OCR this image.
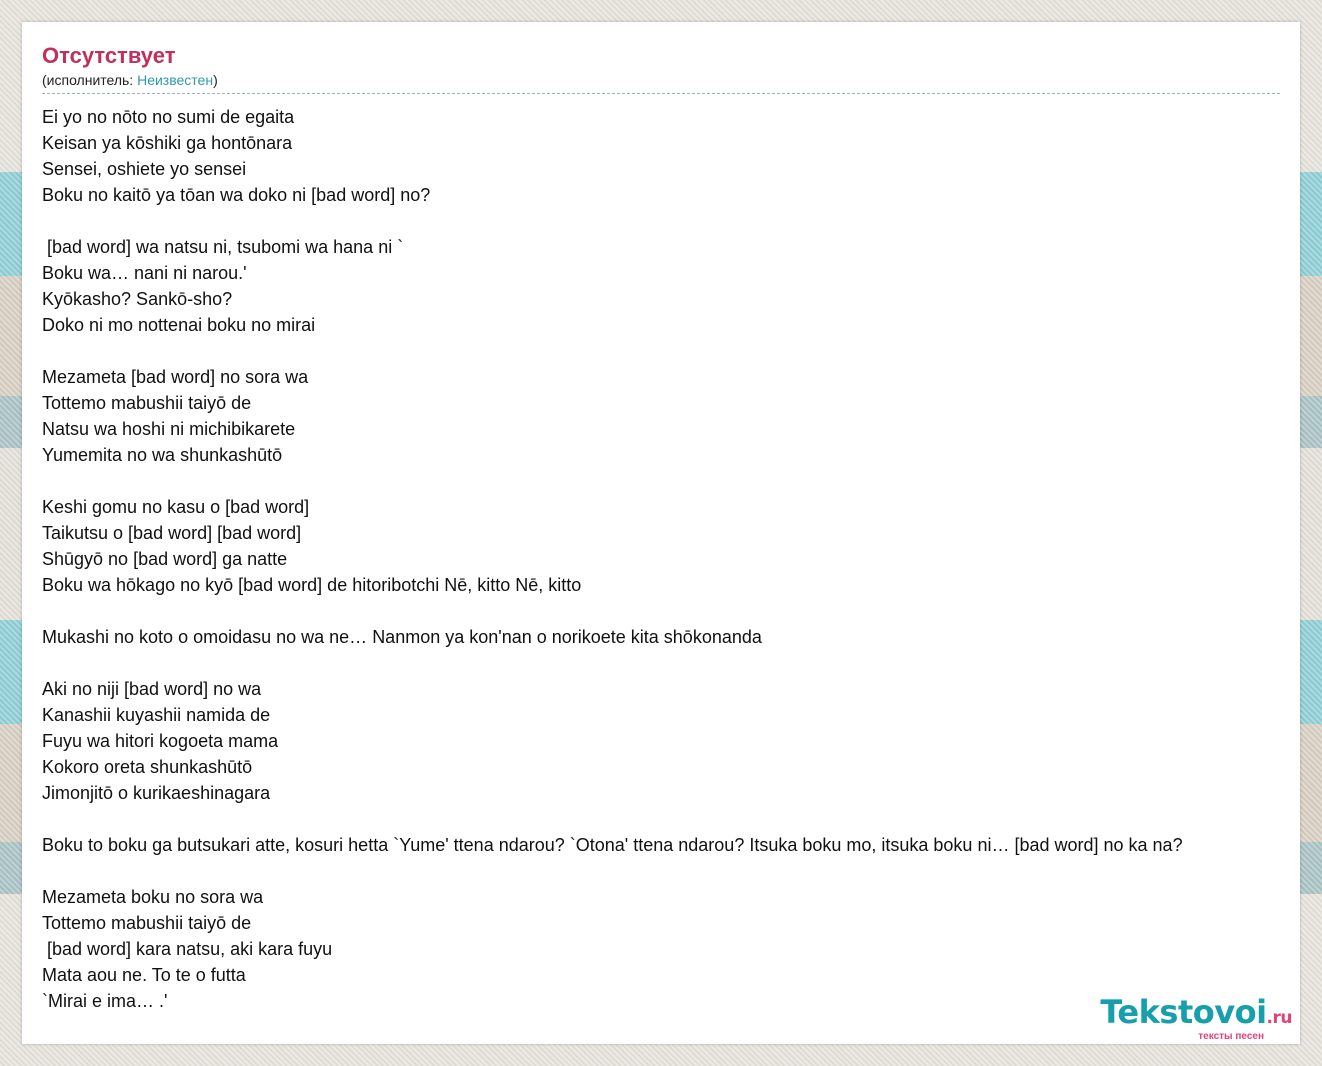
Отсутствует
(исполнитель: Неизвестен)
Ei yo no nōto no sumi de egaita
Keisan ya kōshiki ga hontōnara
Sensei, oshiete yo sensei
Boku no kaitō ya tōan wa doko ni [bad word] no?
[bad word] wa natsu ni, tsubomi wa hana ni `
Boku wa… nani ni narou.'
Kyōkasho? Sankō-sho?
Doko ni mo nottenai boku no mirai
Mezameta [bad word] no sora wa
Tottemo mabushii taiyō de
Natsu wa hoshi ni michibikarete
Yumemita no wa shunkashūtō
Keshi gomu no kasu o [bad word]
Taikutsu o [bad word] [bad word]
Shūgyō no [bad word] ga natte
Boku wa hōkago no kyō [bad word] de hitoribotchi Nē, kitto Nē, kitto
Mukashi no koto o omoidasu no wa ne… Nanmon ya kon'nan o norikoete kita shōkonanda
Aki no niji [bad word] no wa
Kanashii kuyashii namida de
Fuyu wa hitori kogoeta mama
Kokoro oreta shunkashūtō
Jimonjitō o kurikaeshinagara
Boku to boku ga butsukari atte, kosuri hetta `Yume' ttena ndarou? `Otona' ttena ndarou? Itsuka boku mo, itsuka boku ni… [bad word] no ka na?
Mezameta boku no sora wa
Tottemo mabushii taiyō de
[bad word] kara natsu, aki kara fuyu
Mata aou ne. To te o futta
`Mirai e ima… .'	Tekstovoi.ru
тексты песен
